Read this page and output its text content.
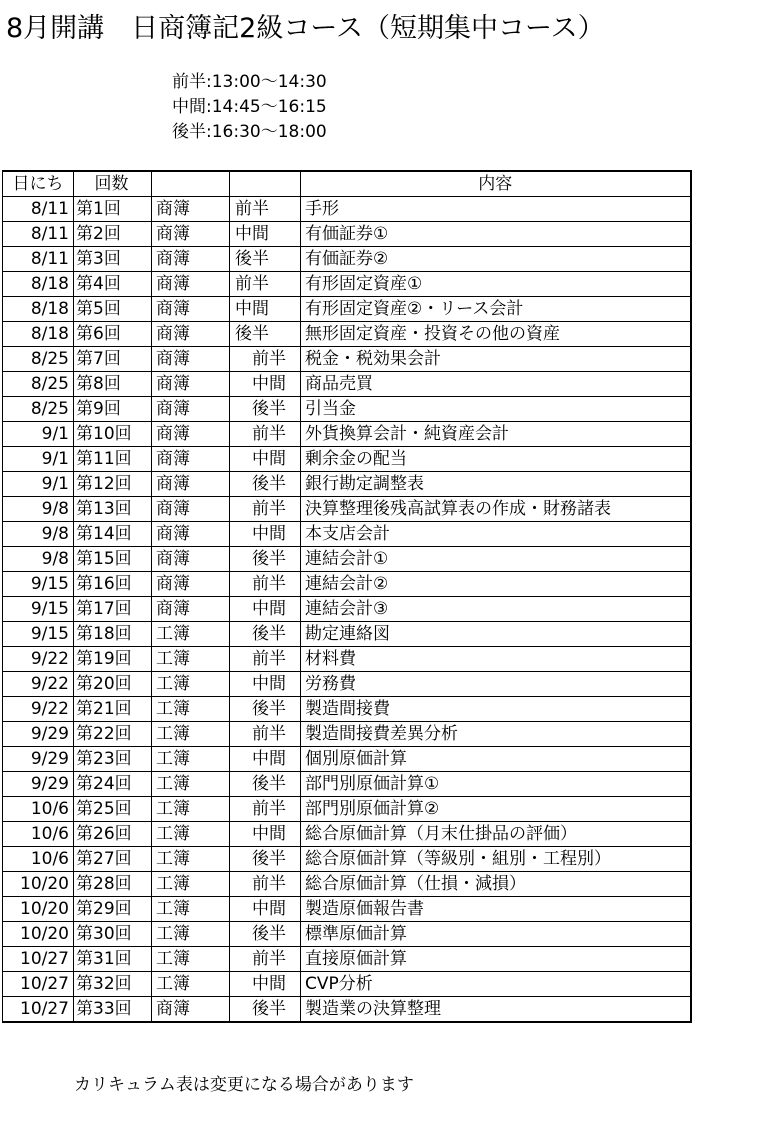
8月開講　日商簿記2級コース（短期集中コース）
前半:13:00～14:30
中間:14:45～16:15
後半:16:30～18:00
日にち	回数			内容
8/11	第1回	商簿	前半	手形
8/11	第2回	商簿	中間	有価証券①
8/11	第3回	商簿	後半	有価証券②
8/18	第4回	商簿	前半	有形固定資産①
8/18	第5回	商簿	中間	有形固定資産②・リース会計
8/18	第6回	商簿	後半	無形固定資産・投資その他の資産
8/25	第7回	商簿	前半	税金・税効果会計
8/25	第8回	商簿	中間	商品売買
8/25	第9回	商簿	後半	引当金
9/1	第10回	商簿	前半	外貨換算会計・純資産会計
9/1	第11回	商簿	中間	剰余金の配当
9/1	第12回	商簿	後半	銀行勘定調整表
9/8	第13回	商簿	前半	決算整理後残高試算表の作成・財務諸表
9/8	第14回	商簿	中間	本支店会計
9/8	第15回	商簿	後半	連結会計①
9/15	第16回	商簿	前半	連結会計②
9/15	第17回	商簿	中間	連結会計③
9/15	第18回	工簿	後半	勘定連絡図
9/22	第19回	工簿	前半	材料費
9/22	第20回	工簿	中間	労務費
9/22	第21回	工簿	後半	製造間接費
9/29	第22回	工簿	前半	製造間接費差異分析
9/29	第23回	工簿	中間	個別原価計算
9/29	第24回	工簿	後半	部門別原価計算①
10/6	第25回	工簿	前半	部門別原価計算②
10/6	第26回	工簿	中間	総合原価計算（月末仕掛品の評価）
10/6	第27回	工簿	後半	総合原価計算（等級別・組別・工程別）
10/20	第28回	工簿	前半	総合原価計算（仕損・減損）
10/20	第29回	工簿	中間	製造原価報告書
10/20	第30回	工簿	後半	標準原価計算
10/27	第31回	工簿	前半	直接原価計算
10/27	第32回	工簿	中間	CVP分析
10/27	第33回	商簿	後半	製造業の決算整理
カリキュラム表は変更になる場合があります
